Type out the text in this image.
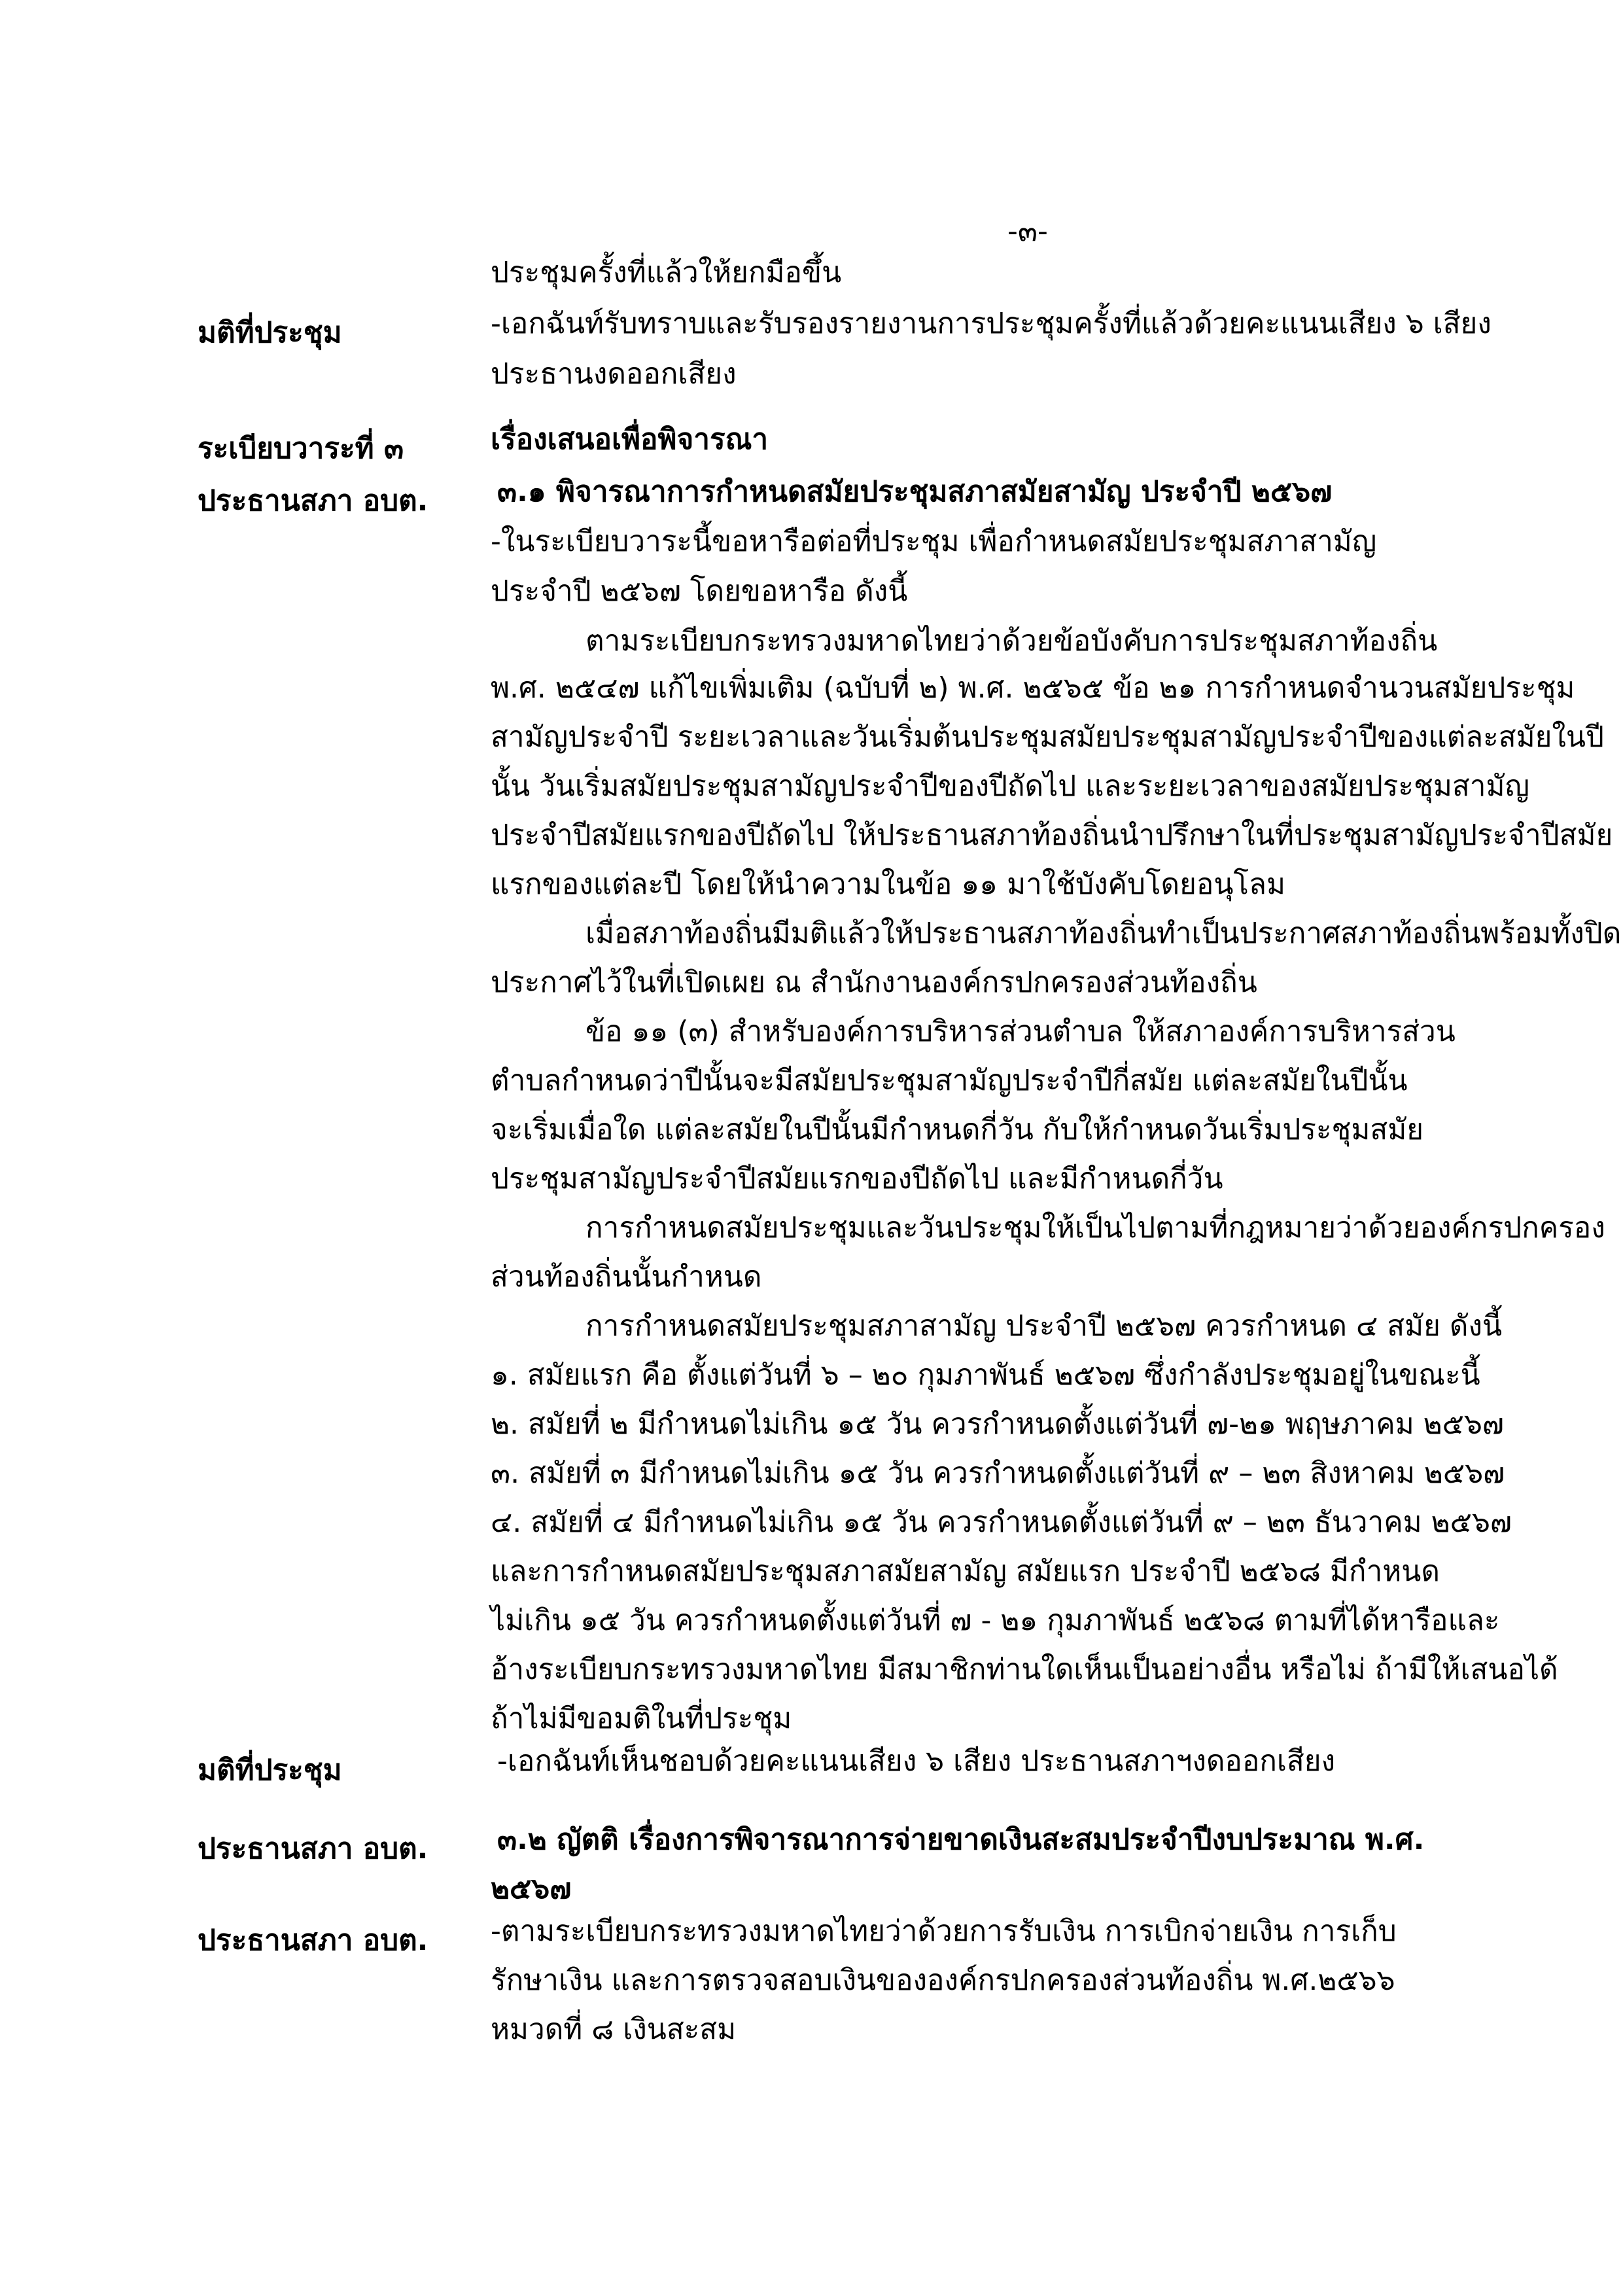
-๓-
มติที่ประชุม
ระเบียบวาระที่ ๓
ประธานสภา อบต.
มติที่ประชุม
ประธานสภา อบต.
ประธานสภา อบต.
ประชุมครั้งที่แล้วให้ยกมือขึ้น
-เอกฉันท์รับทราบและรับรองรายงานการประชุมครั้งที่แล้วด้วยคะแนนเสียง ๖ เสียง
ประธานงดออกเสียง
เรื่องเสนอเพื่อพิจารณา
๓.๑ พิจารณาการกำหนดสมัยประชุมสภาสมัยสามัญ ประจำปี ๒๕๖๗
-ในระเบียบวาระนี้ขอหารือต่อที่ประชุม เพื่อกำหนดสมัยประชุมสภาสามัญ
ประจำปี ๒๕๖๗ โดยขอหารือ ดังนี้
ตามระเบียบกระทรวงมหาดไทยว่าด้วยข้อบังคับการประชุมสภาท้องถิ่น
พ.ศ. ๒๕๔๗ แก้ไขเพิ่มเติม (ฉบับที่ ๒) พ.ศ. ๒๕๖๕ ข้อ ๒๑ การกำหนดจำนวนสมัยประชุม
สามัญประจำปี ระยะเวลาและวันเริ่มต้นประชุมสมัยประชุมสามัญประจำปีของแต่ละสมัยในปี
นั้น วันเริ่มสมัยประชุมสามัญประจำปีของปีถัดไป และระยะเวลาของสมัยประชุมสามัญ
ประจำปีสมัยแรกของปีถัดไป ให้ประธานสภาท้องถิ่นนำปรึกษาในที่ประชุมสามัญประจำปีสมัย
แรกของแต่ละปี โดยให้นำความในข้อ ๑๑ มาใช้บังคับโดยอนุโลม
เมื่อสภาท้องถิ่นมีมติแล้วให้ประธานสภาท้องถิ่นทำเป็นประกาศสภาท้องถิ่นพร้อมทั้งปิด
ประกาศไว้ในที่เปิดเผย ณ สำนักงานองค์กรปกครองส่วนท้องถิ่น
ข้อ ๑๑ (๓) สำหรับองค์การบริหารส่วนตำบล ให้สภาองค์การบริหารส่วน
ตำบลกำหนดว่าปีนั้นจะมีสมัยประชุมสามัญประจำปีกี่สมัย แต่ละสมัยในปีนั้น
จะเริ่มเมื่อใด แต่ละสมัยในปีนั้นมีกำหนดกี่วัน กับให้กำหนดวันเริ่มประชุมสมัย
ประชุมสามัญประจำปีสมัยแรกของปีถัดไป และมีกำหนดกี่วัน
การกำหนดสมัยประชุมและวันประชุมให้เป็นไปตามที่กฎหมายว่าด้วยองค์กรปกครอง
ส่วนท้องถิ่นนั้นกำหนด
การกำหนดสมัยประชุมสภาสามัญ ประจำปี ๒๕๖๗ ควรกำหนด ๔ สมัย ดังนี้
๑. สมัยแรก คือ ตั้งแต่วันที่ ๖ – ๒๐ กุมภาพันธ์ ๒๕๖๗ ซึ่งกำลังประชุมอยู่ในขณะนี้
๒. สมัยที่ ๒ มีกำหนดไม่เกิน ๑๕ วัน ควรกำหนดตั้งแต่วันที่ ๗-๒๑ พฤษภาคม ๒๕๖๗
๓. สมัยที่ ๓ มีกำหนดไม่เกิน ๑๕ วัน ควรกำหนดตั้งแต่วันที่ ๙ – ๒๓ สิงหาคม ๒๕๖๗
๔. สมัยที่ ๔ มีกำหนดไม่เกิน ๑๕ วัน ควรกำหนดตั้งแต่วันที่ ๙ – ๒๓ ธันวาคม ๒๕๖๗
และการกำหนดสมัยประชุมสภาสมัยสามัญ สมัยแรก ประจำปี ๒๕๖๘ มีกำหนด
ไม่เกิน ๑๕ วัน ควรกำหนดตั้งแต่วันที่ ๗ - ๒๑ กุมภาพันธ์ ๒๕๖๘ ตามที่ได้หารือและ
อ้างระเบียบกระทรวงมหาดไทย มีสมาชิกท่านใดเห็นเป็นอย่างอื่น หรือไม่ ถ้ามีให้เสนอได้
ถ้าไม่มีขอมติในที่ประชุม
-เอกฉันท์เห็นชอบด้วยคะแนนเสียง ๖ เสียง ประธานสภาฯงดออกเสียง
๓.๒ ญัตติ เรื่องการพิจารณาการจ่ายขาดเงินสะสมประจำปีงบประมาณ พ.ศ.
๒๕๖๗
-ตามระเบียบกระทรวงมหาดไทยว่าด้วยการรับเงิน การเบิกจ่ายเงิน การเก็บ
รักษาเงิน และการตรวจสอบเงินขององค์กรปกครองส่วนท้องถิ่น พ.ศ.๒๕๖๖
หมวดที่ ๘ เงินสะสม
